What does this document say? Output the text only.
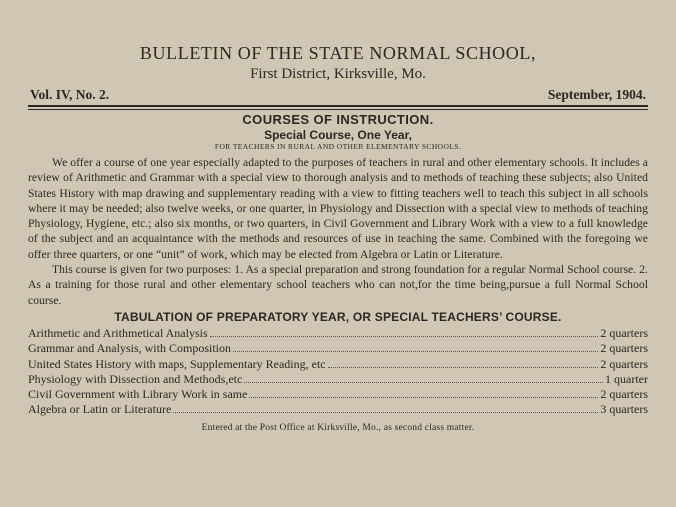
BULLETIN OF THE STATE NORMAL SCHOOL,

First District, Kirksville, Mo.

Vol. IV, No. 2.	September, 1904.
COURSES OF INSTRUCTION.
Special Course, One Year,

FOR TEACHERS IN RURAL AND OTHER ELEMENTARY SCHOOLS.

We offer a course of one year especially adapted to the purposes of teachers in rural and other elementary schools. It includes a review of Arithmetic and Grammar with a special view to thorough analysis and to methods of teaching these subjects; also United States History with map drawing and supplementary reading with a view to fitting teachers well to teach this subject in all schools where it may be needed; also twelve weeks, or one quarter, in Physiology and Dissection with a special view to methods of teaching Physiology, Hygiene, etc.; also six months, or two quarters, in Civil Government and Library Work with a view to a full knowledge of the subject and an acquaintance with the methods and resources of use in teaching the same. Combined with the foregoing we offer three quarters, or one “unit” of work, which may be elected from Algebra or Latin or Literature.

This course is given for two purposes: 1. As a special preparation and strong foundation for a regular Normal School course. 2. As a training for those rural and other elementary school teachers who can not,for the time being,pursue a full Normal School course.

TABULATION OF PREPARATORY YEAR, OR SPECIAL TEACHERS’ COURSE.
Arithmetic and Arithmetical Analysis	2 quarters
Grammar and Analysis, with Composition	2 quarters
United States History with maps, Supplementary Reading, etc	2 quarters
Physiology with Dissection and Methods,etc	1 quarter
Civil Government with Library Work in same	2 quarters
Algebra or Latin or Literature	3 quarters

Entered at the Post Office at Kirksville, Mo., as second class matter.
